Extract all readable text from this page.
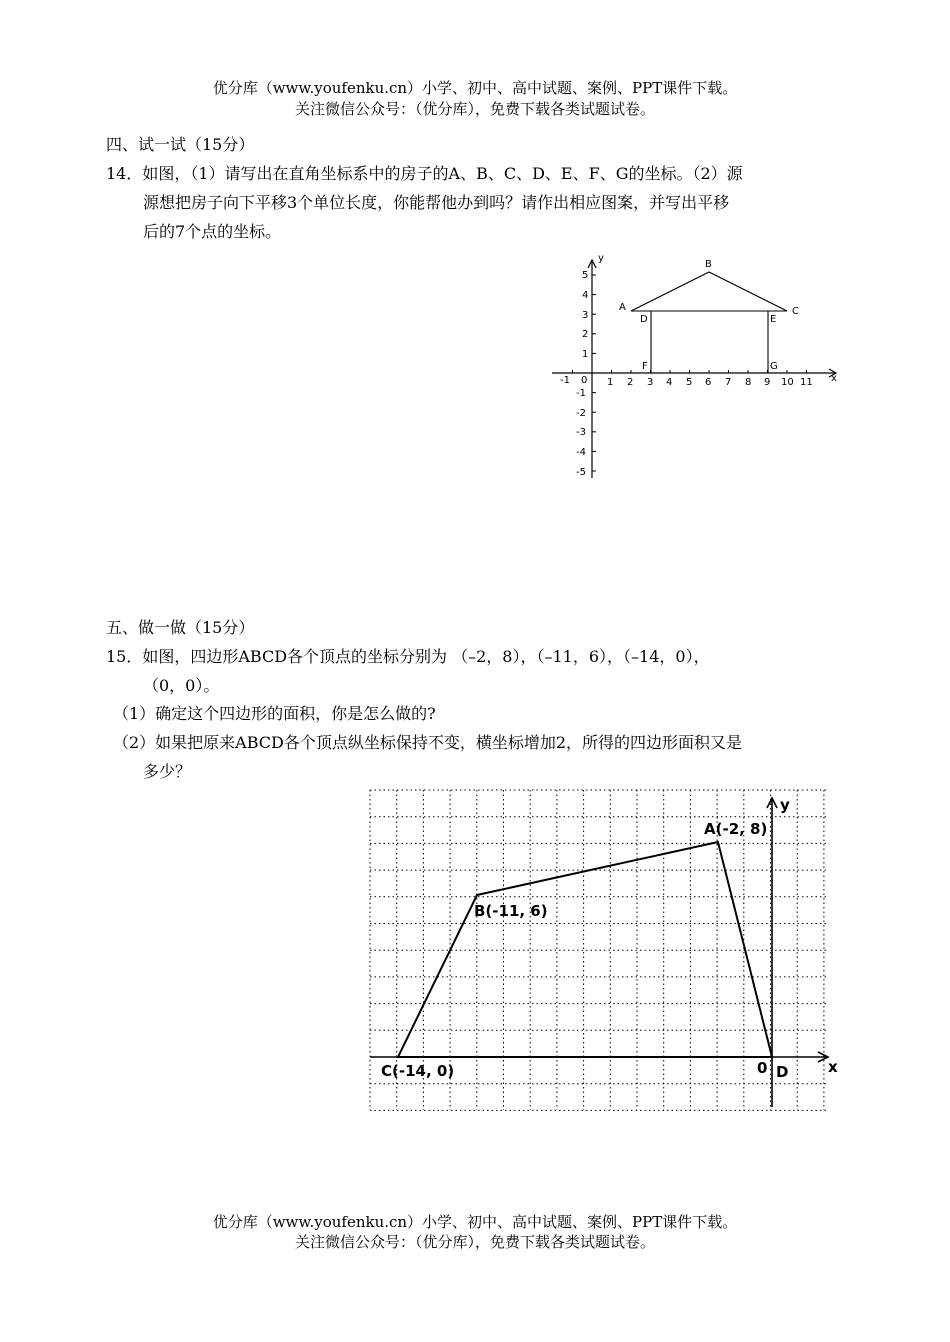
优分库（www.youfenku.cn）小学、初中、高中试题、案例、PPT课件下载。
关注微信公众号：（优分库），免费下载各类试题试卷。
四、试一试（15分）
14．如图，（1）请写出在直角坐标系中的房子的A、B、C、D、E、F、G的坐标。（2）源
源想把房子向下平移3个单位长度，你能帮他办到吗？请作出相应图案，并写出平移
后的7个点的坐标。
x
y
0
-1	1 2 3 4 5 6 7 8 9 10 11
1
2
3
4
5
-1
-2
-3
-4
-5
A
B
C
D	E
F	G
五、做一做（15分）
15．如图，四边形ABCD各个顶点的坐标分别为 （–2，8），（–11，6），（–14，0），
（0，0）。
（1）确定这个四边形的面积，你是怎么做的?
（2）如果把原来ABCD各个顶点纵坐标保持不变，横坐标增加2，所得的四边形面积又是
多少？
y
x
0
A(-2, 8)
B(-11, 6)
C(-14, 0)	D
优分库（www.youfenku.cn）小学、初中、高中试题、案例、PPT课件下载。
关注微信公众号：（优分库），免费下载各类试题试卷。
